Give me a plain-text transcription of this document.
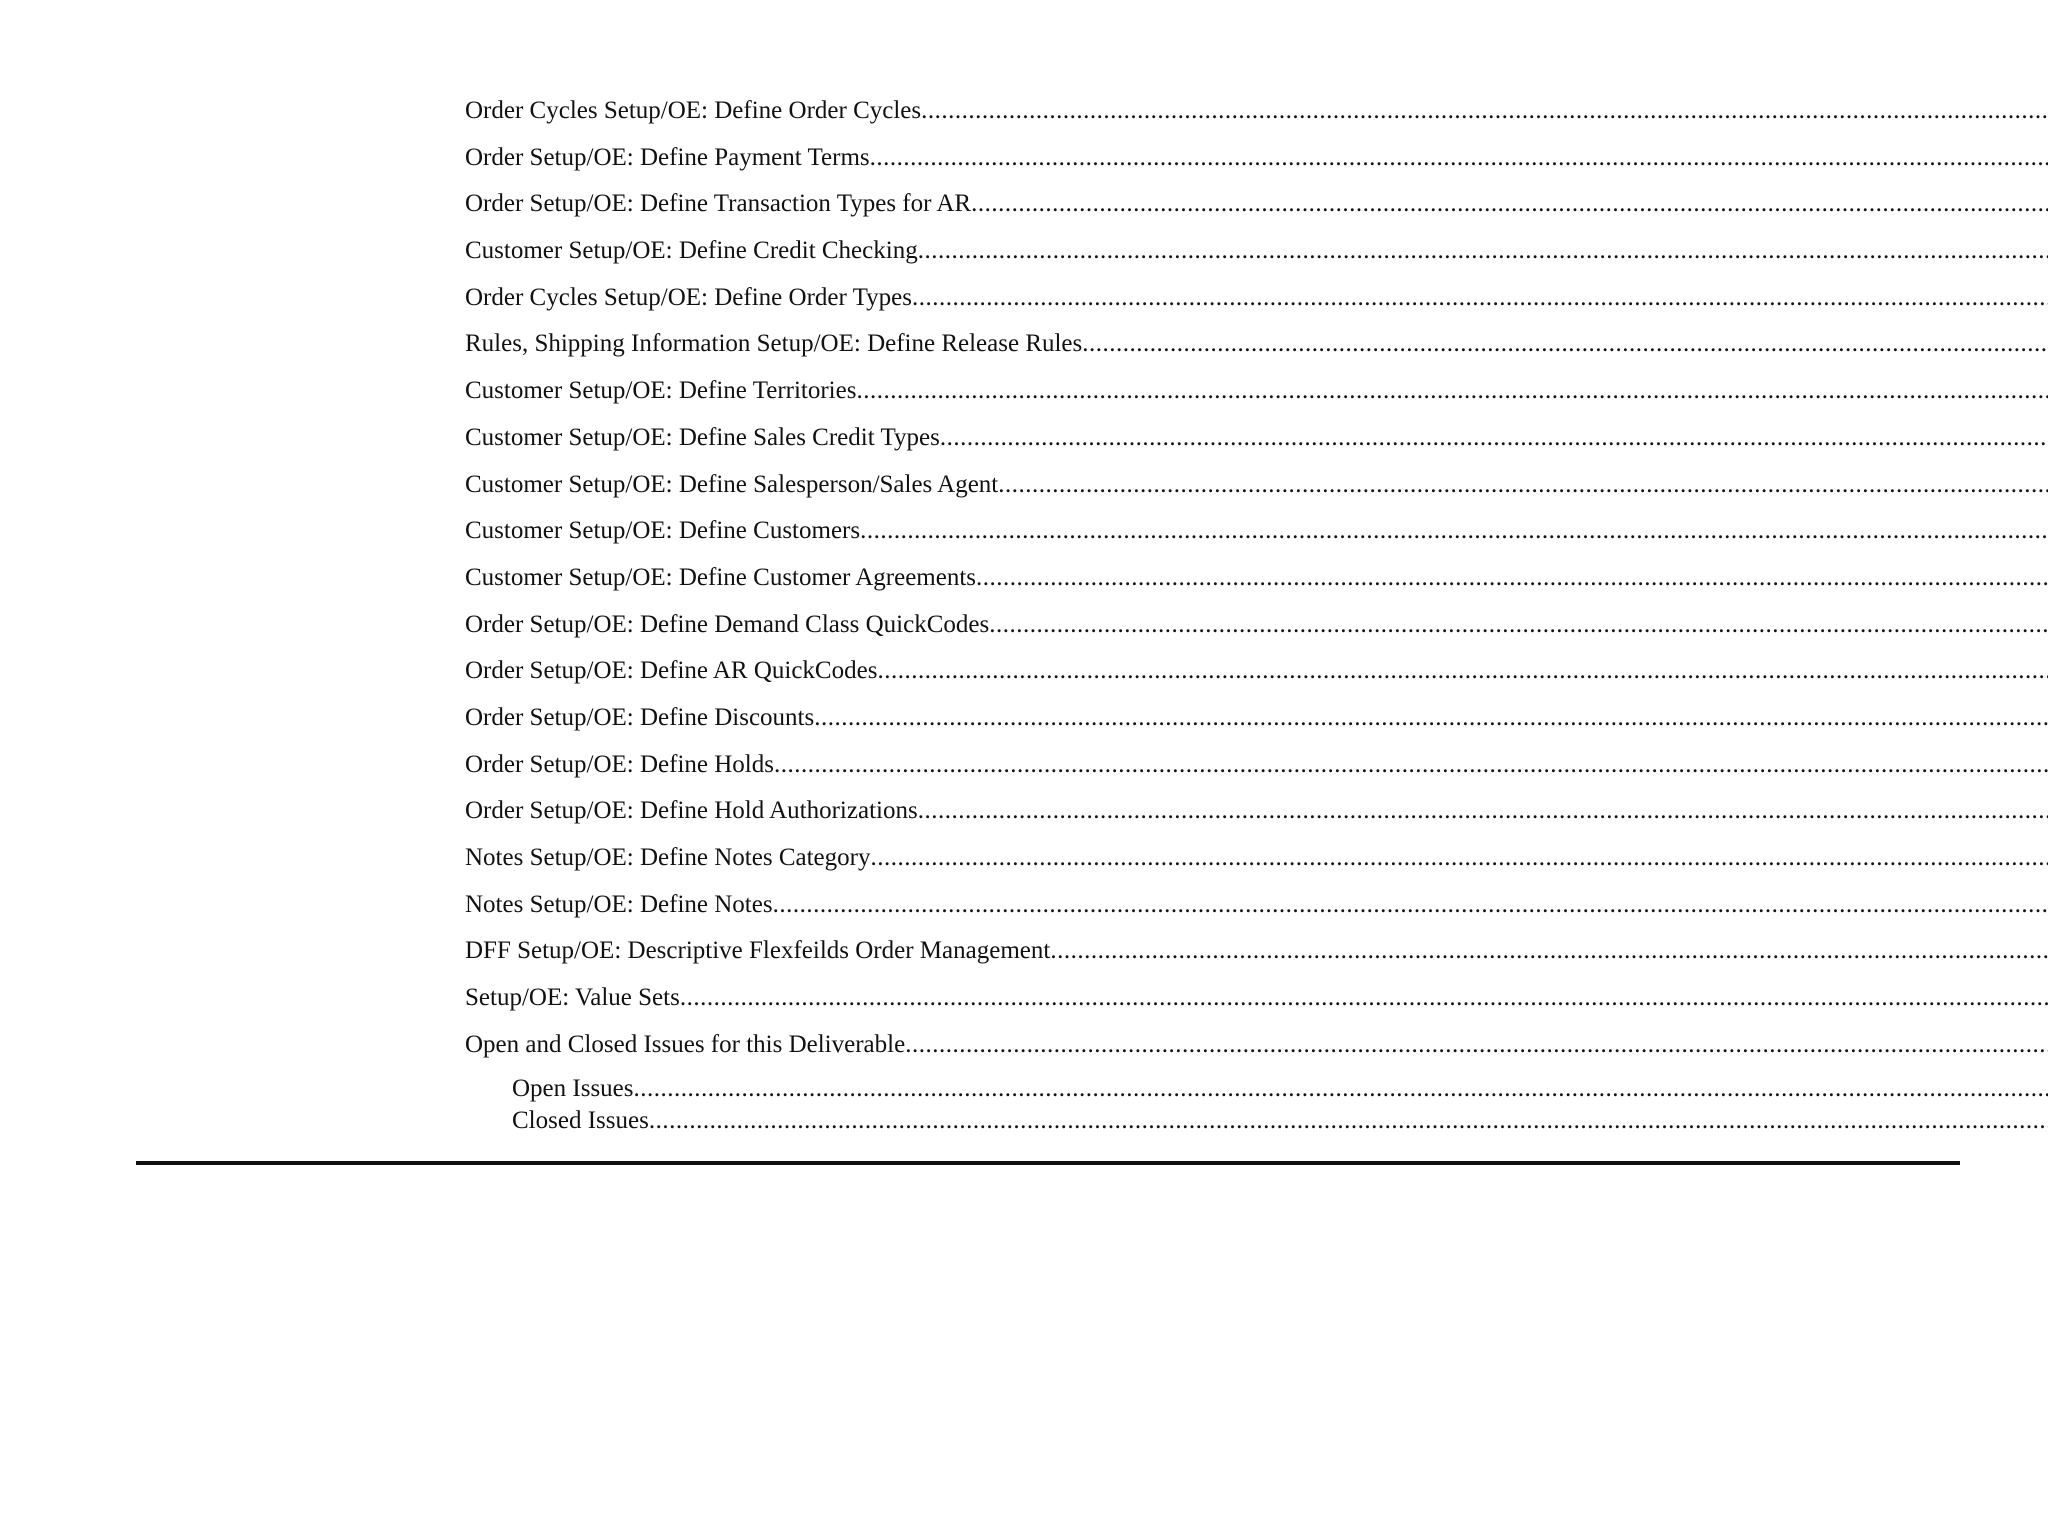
Order Cycles Setup/OE: Define Order Cycles .....
Order Setup/OE: Define Payment Terms .....
Order Setup/OE: Define Transaction Types for AR .....
Customer Setup/OE: Define Credit Checking .....
Order Cycles Setup/OE: Define Order Types .....
Rules, Shipping Information Setup/OE: Define Release Rules .....
Customer Setup/OE: Define Territories .....
Customer Setup/OE: Define Sales Credit Types .....
Customer Setup/OE: Define Salesperson/Sales Agent .....
Customer Setup/OE: Define Customers .....
Customer Setup/OE: Define Customer Agreements .....
Order Setup/OE: Define Demand Class QuickCodes .....
Order Setup/OE: Define AR QuickCodes .....
Order Setup/OE: Define Discounts .....
Order Setup/OE: Define Holds .....
Order Setup/OE: Define Hold Authorizations .....
Notes Setup/OE: Define Notes Category .....
Notes Setup/OE: Define Notes .....
DFF Setup/OE: Descriptive Flexfeilds Order Management .....
Setup/OE: Value Sets .....
Open and Closed Issues for this Deliverable .....
Open Issues .....
Closed Issues .....
